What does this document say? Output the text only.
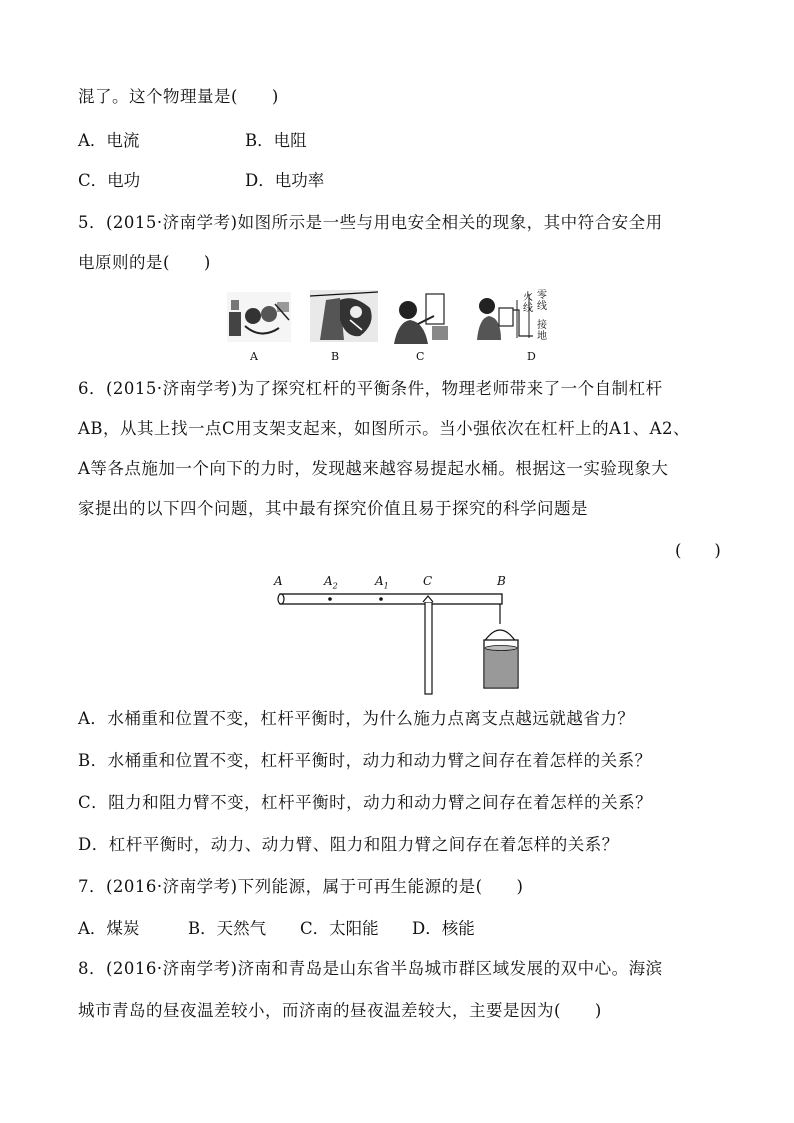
混了。这个物理量是(　　)
A．电流	B．电阻
C．电功	D．电功率
5．(2015·济南学考)如图所示是一些与用电安全相关的现象，其中符合安全用
电原则的是(　　)
火线
零线
接地
A	B	C	D
6．(2015·济南学考)为了探究杠杆的平衡条件，物理老师带来了一个自制杠杆
AB，从其上找一点C用支架支起来，如图所示。当小强依次在杠杆上的A1、A2、
A等各点施加一个向下的力时，发现越来越容易提起水桶。根据这一实验现象大
家提出的以下四个问题，其中最有探究价值且易于探究的科学问题是
(　　)
A	$A_2$	$A_1$	C	B
A．水桶重和位置不变，杠杆平衡时，为什么施力点离支点越远就越省力？
B．水桶重和位置不变，杠杆平衡时，动力和动力臂之间存在着怎样的关系？
C．阻力和阻力臂不变，杠杆平衡时，动力和动力臂之间存在着怎样的关系？
D．杠杆平衡时，动力、动力臂、阻力和阻力臂之间存在着怎样的关系？
7．(2016·济南学考)下列能源，属于可再生能源的是(　　)
A．煤炭	B．天然气 C．太阳能 D．核能
8．(2016·济南学考)济南和青岛是山东省半岛城市群区域发展的双中心。海滨
城市青岛的昼夜温差较小，而济南的昼夜温差较大，主要是因为(　　)
